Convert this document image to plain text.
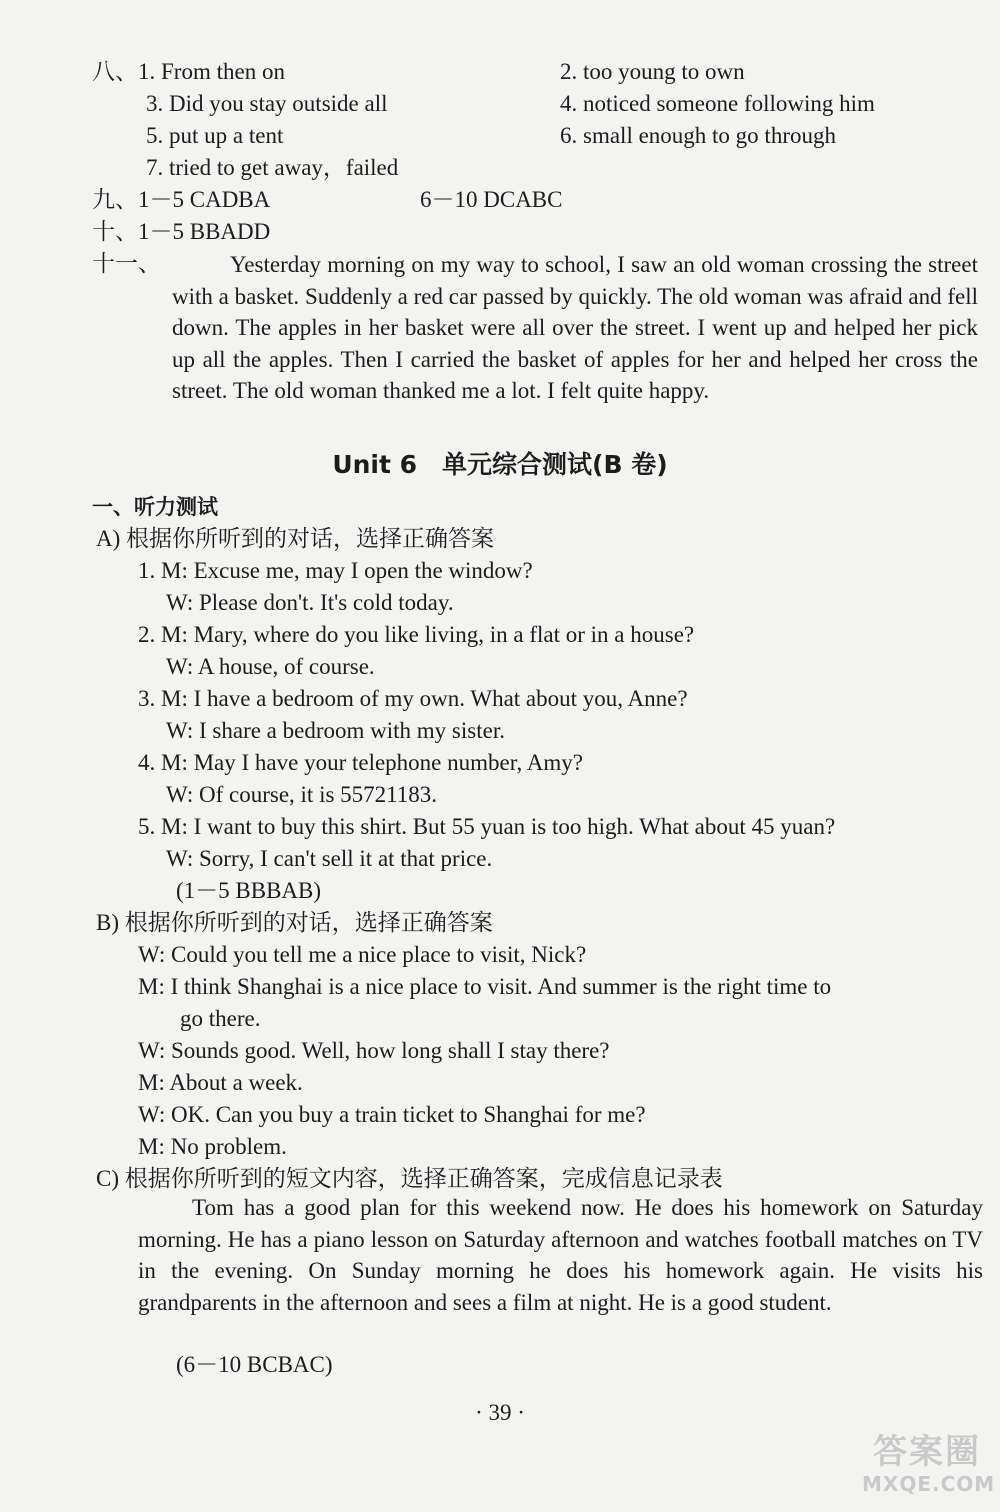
八、1. From then on	2. too young to own
3. Did you stay outside all	4. noticed someone following him
5. put up a tent	6. small enough to go through
7. tried to get away，failed
九、1－5 CADBA	6－10 DCABC
十、1－5 BBADD
十一、	Yesterday morning on my way to school, I saw an old woman crossing the street with a basket. Suddenly a red car passed by quickly. The old woman was afraid and fell down. The apples in her basket were all over the street. I went up and helped her pick up all the apples. Then I carried the basket of apples for her and helped her cross the street. The old woman thanked me a lot. I felt quite happy.
Unit 6　单元综合测试(B 卷)
一、听力测试
A) 根据你所听到的对话，选择正确答案
1. M: Excuse me, may I open the window?
W: Please don't. It's cold today.
2. M: Mary, where do you like living, in a flat or in a house?
W: A house, of course.
3. M: I have a bedroom of my own. What about you, Anne?
W: I share a bedroom with my sister.
4. M: May I have your telephone number, Amy?
W: Of course, it is 55721183.
5. M: I want to buy this shirt. But 55 yuan is too high. What about 45 yuan?
W: Sorry, I can't sell it at that price.
(1－5 BBBAB)
B) 根据你所听到的对话，选择正确答案
W: Could you tell me a nice place to visit, Nick?
M: I think Shanghai is a nice place to visit. And summer is the right time to
go there.
W: Sounds good. Well, how long shall I stay there?
M: About a week.
W: OK. Can you buy a train ticket to Shanghai for me?
M: No problem.
C) 根据你所听到的短文内容，选择正确答案，完成信息记录表
Tom has a good plan for this weekend now. He does his homework on Saturday morning. He has a piano lesson on Saturday afternoon and watches football matches on TV in the evening. On Sunday morning he does his homework again. He visits his grandparents in the afternoon and sees a film at night. He is a good student.
(6－10 BCBAC)
· 39 ·
答案圈
MXQE.COM
